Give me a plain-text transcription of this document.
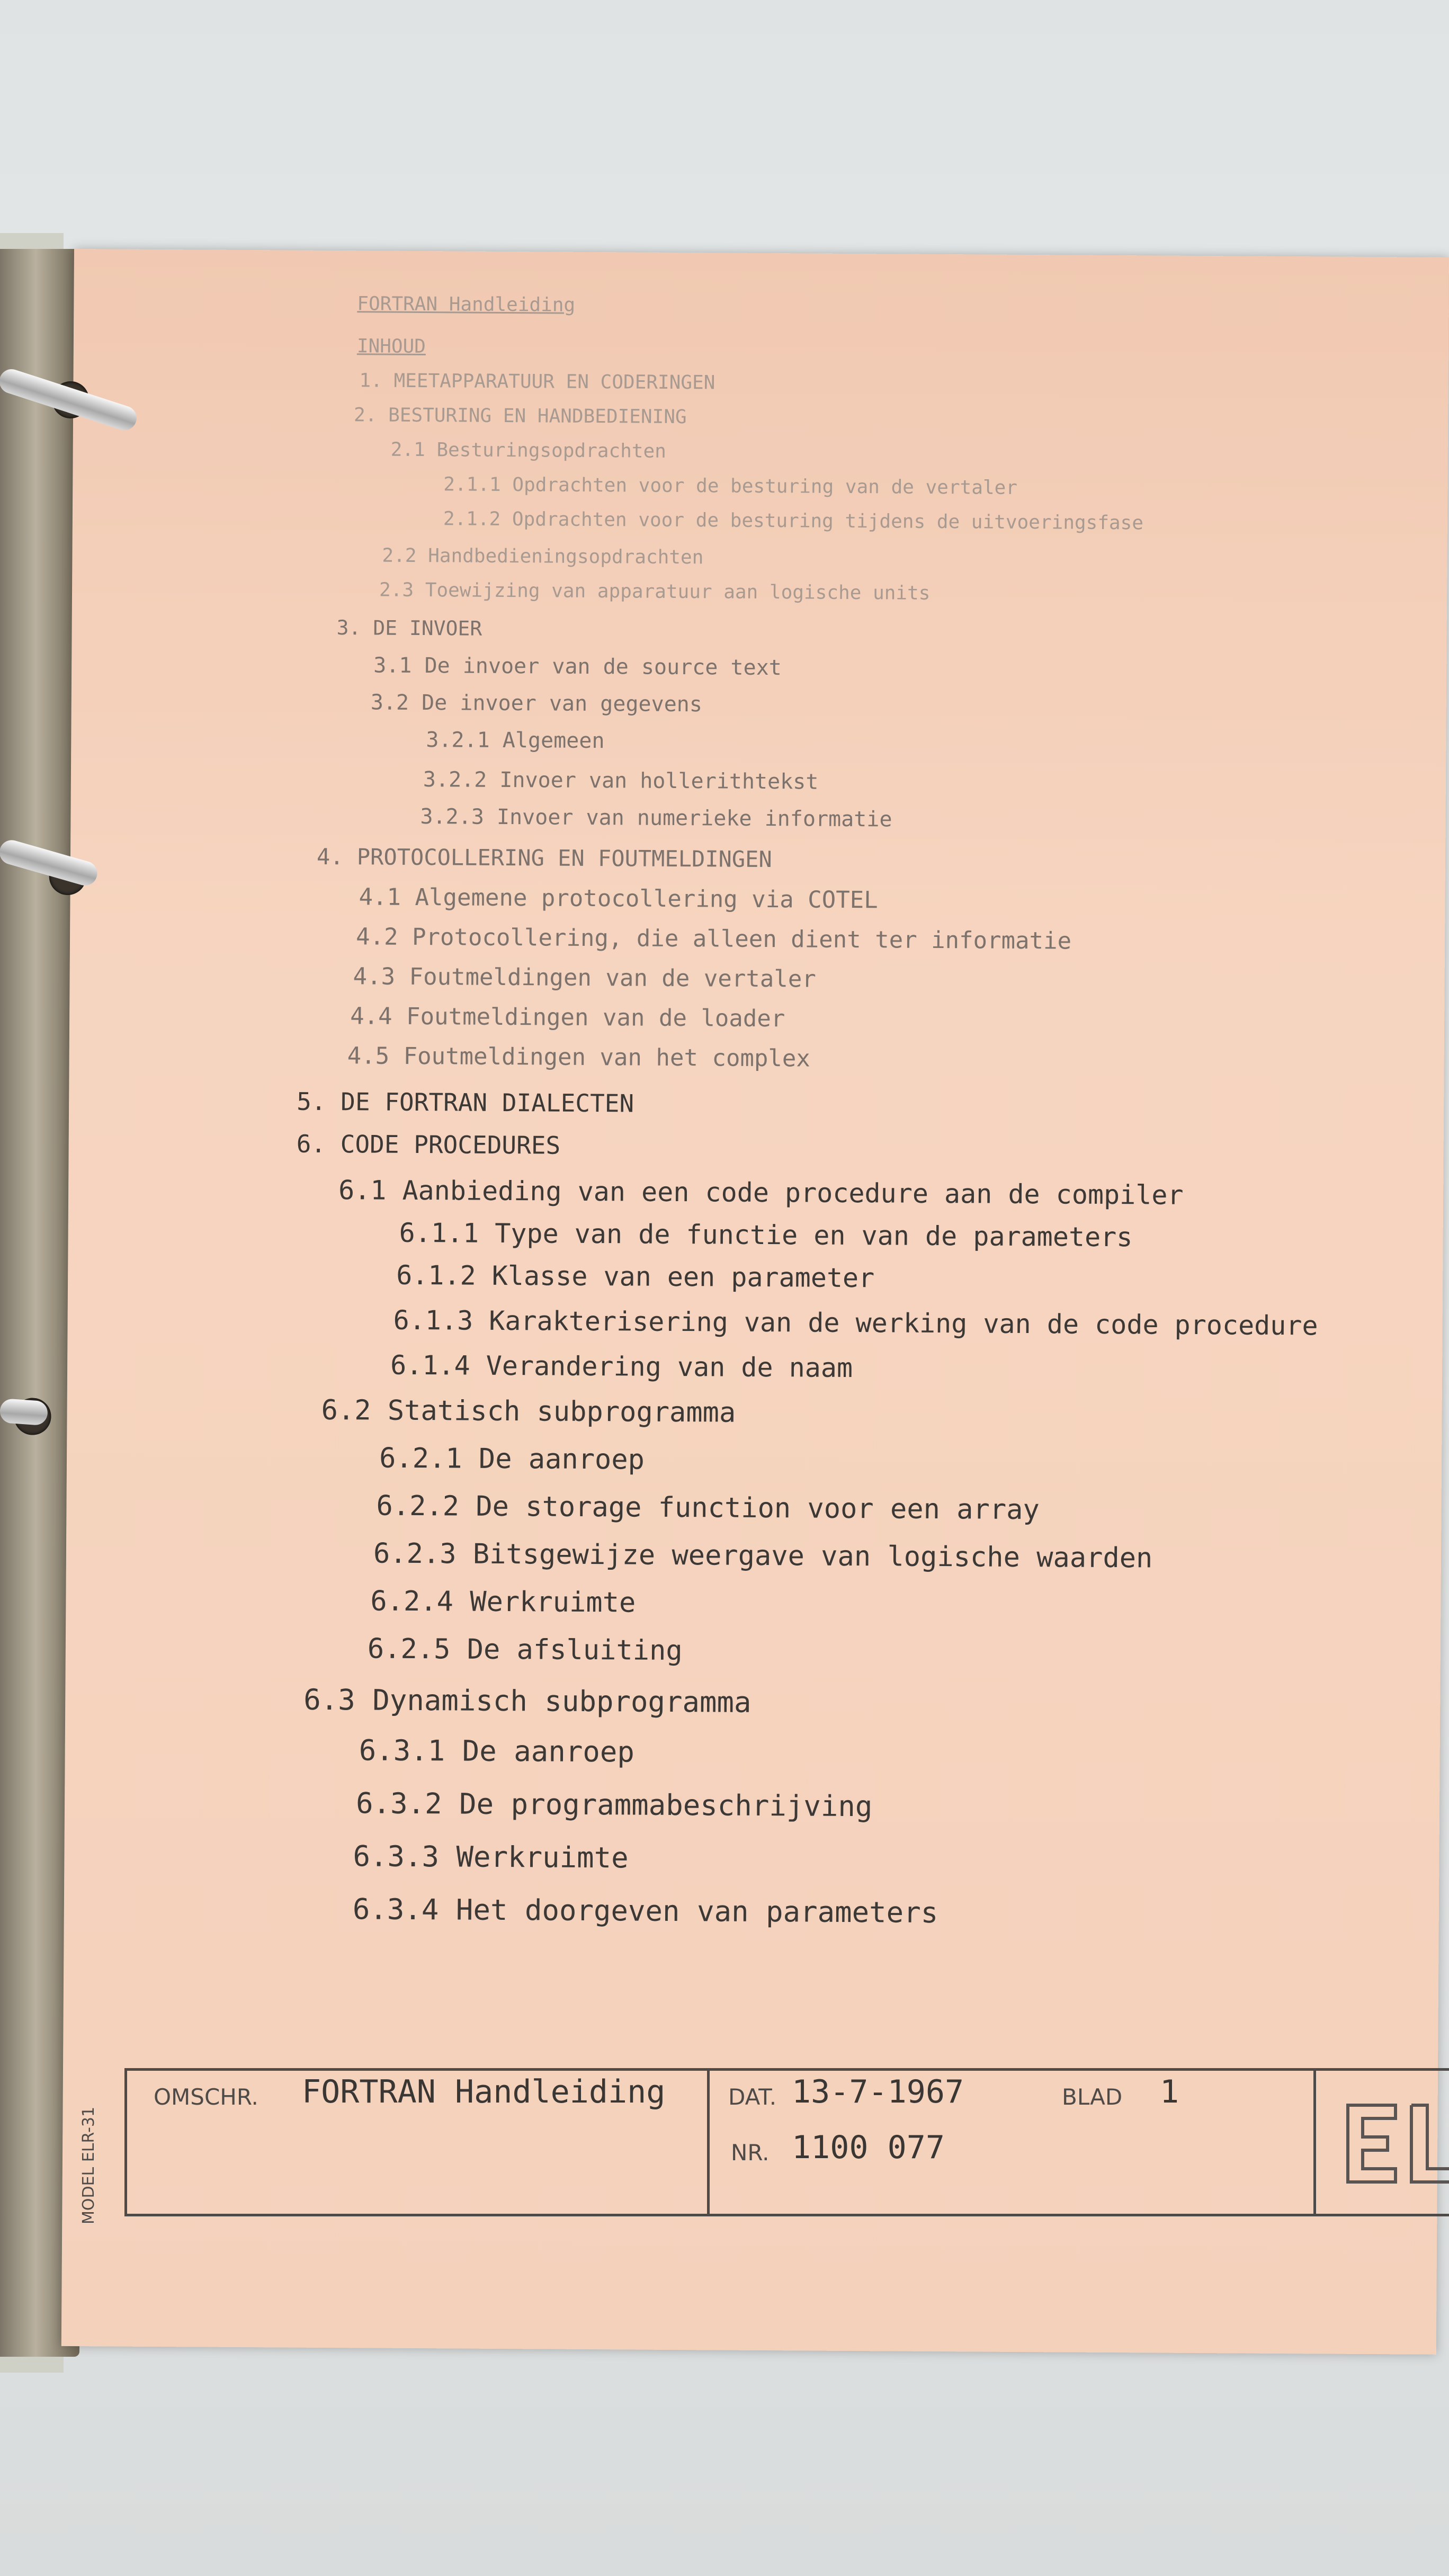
FORTRAN Handleiding
INHOUD
1. MEETAPPARATUUR EN CODERINGEN
2. BESTURING EN HANDBEDIENING
2.1 Besturingsopdrachten
2.1.1 Opdrachten voor de besturing van de vertaler
2.1.2 Opdrachten voor de besturing tijdens de uitvoeringsfase
2.2 Handbedieningsopdrachten
2.3 Toewijzing van apparatuur aan logische units
3. DE INVOER
3.1 De invoer van de source text
3.2 De invoer van gegevens
3.2.1 Algemeen
3.2.2 Invoer van hollerithtekst
3.2.3 Invoer van numerieke informatie
4. PROTOCOLLERING EN FOUTMELDINGEN
4.1 Algemene protocollering via COTEL
4.2 Protocollering, die alleen dient ter informatie
4.3 Foutmeldingen van de vertaler
4.4 Foutmeldingen van de loader
4.5 Foutmeldingen van het complex
5. DE FORTRAN DIALECTEN
6. CODE PROCEDURES
6.1 Aanbieding van een code procedure aan de compiler
6.1.1 Type van de functie en van de parameters
6.1.2 Klasse van een parameter
6.1.3 Karakterisering van de werking van de code procedure
6.1.4 Verandering van de naam
6.2 Statisch subprogramma
6.2.1 De aanroep
6.2.2 De storage function voor een array
6.2.3 Bitsgewijze weergave van logische waarden
6.2.4 Werkruimte
6.2.5 De afsluiting
6.3 Dynamisch subprogramma
6.3.1 De aanroep
6.3.2 De programmabeschrijving
6.3.3 Werkruimte
6.3.4 Het doorgeven van parameters
MODEL ELR-31
OMSCHR. FORTRAN Handleiding	DAT. 13-7-1967	BLAD 1
NR. 1100 077
